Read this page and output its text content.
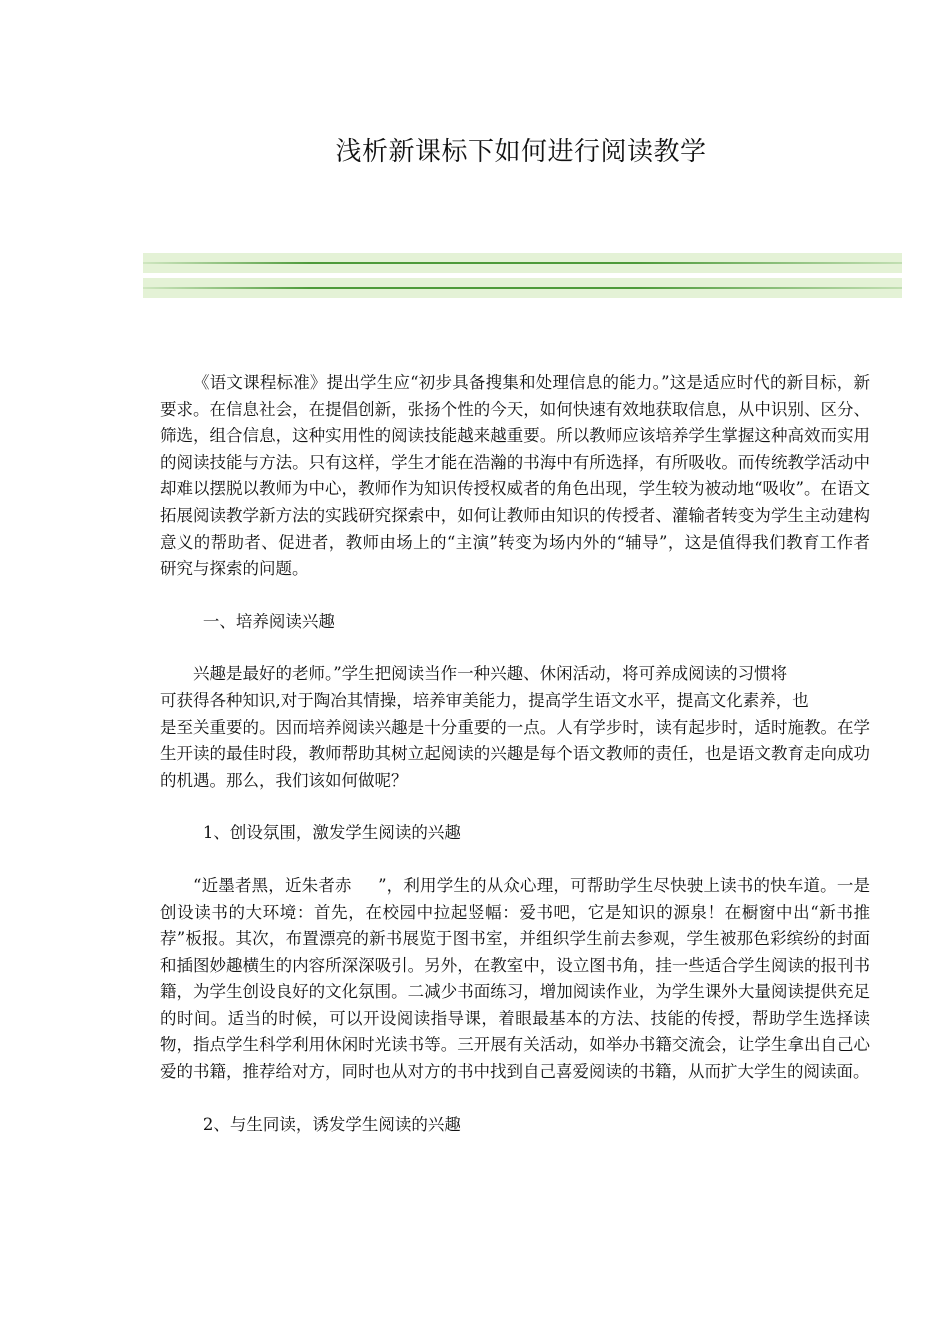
浅析新课标下如何进行阅读教学

《语文课程标准》提出学生应“初步具备搜集和处理信息的能力。”这是适应时代的新目标，新要求。在信息社会，在提倡创新，张扬个性的今天，如何快速有效地获取信息，从中识别、区分、筛选，组合信息，这种实用性的阅读技能越来越重要。所以教师应该培养学生掌握这种高效而实用的阅读技能与方法。只有这样，学生才能在浩瀚的书海中有所选择，有所吸收。而传统教学活动中却难以摆脱以教师为中心，教师作为知识传授权威者的角色出现，学生较为被动地“吸收”。在语文拓展阅读教学新方法的实践研究探索中，如何让教师由知识的传授者、灌输者转变为学生主动建构意义的帮助者、促进者，教师由场上的“主演”转变为场内外的“辅导”，这是值得我们教育工作者研究与探索的问题。

一、培养阅读兴趣

兴趣是最好的老师。”学生把阅读当作一种兴趣、休闲活动，将可养成阅读的习惯将

可获得各种知识,对于陶冶其情操，培养审美能力，提高学生语文水平，提高文化素养，也

是至关重要的。因而培养阅读兴趣是十分重要的一点。人有学步时，读有起步时，适时施教。在学生开读的最佳时段，教师帮助其树立起阅读的兴趣是每个语文教师的责任，也是语文教育走向成功的机遇。那么，我们该如何做呢？

1、创设氛围，激发学生阅读的兴趣

“近墨者黑，近朱者赤 ”，利用学生的从众心理，可帮助学生尽快驶上读书的快车道。一是创设读书的大环境：首先，在校园中拉起竖幅：爱书吧，它是知识的源泉！在橱窗中出“新书推荐”板报。其次，布置漂亮的新书展览于图书室，并组织学生前去参观，学生被那色彩缤纷的封面和插图妙趣横生的内容所深深吸引。另外，在教室中，设立图书角，挂一些适合学生阅读的报刊书籍，为学生创设良好的文化氛围。二减少书面练习，增加阅读作业，为学生课外大量阅读提供充足的时间。适当的时候，可以开设阅读指导课，着眼最基本的方法、技能的传授，帮助学生选择读物，指点学生科学利用休闲时光读书等。三开展有关活动，如举办书籍交流会，让学生拿出自己心爱的书籍，推荐给对方，同时也从对方的书中找到自己喜爱阅读的书籍，从而扩大学生的阅读面。

2、与生同读，诱发学生阅读的兴趣
